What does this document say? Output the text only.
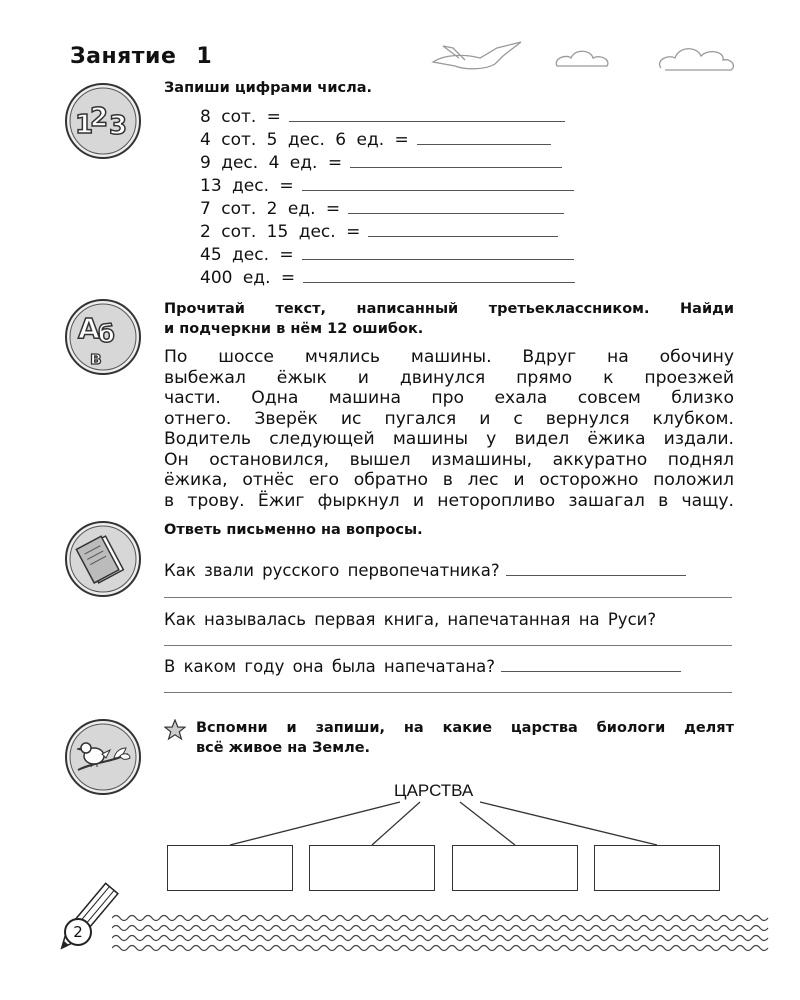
Занятие 1
1
2 3
Запиши цифрами числа.
8 сот. =
4 сот. 5 дес. 6 ед. =
9 дес. 4 ед. =
13 дес. =
7 сот. 2 ед. =
2 сот. 15 дес. =
45 дес. =
400 ед. =
А
б
в
Прочитай текст, написанный третьеклассником. Найди
и подчеркни в нём 12 ошибок.
По шоссе мчялись машины. Вдруг на обочину
выбежал ёжык и двинулся прямо к проезжей
части. Одна машина про ехала совсем близко
отнего. Зверёк ис пугался и с вернулся клубком.
Водитель следующей машины у видел ёжика издали.
Он остановился, вышел измашины, аккуратно поднял
ёжика, отнёс его обратно в лес и осторожно положил
в трову. Ёжиг фыркнул и неторопливо зашагал в чащу.
Ответь письменно на вопросы.
Как звали русского первопечатника?
Как называлась первая книга, напечатанная на Руси?
В каком году она была напечатана?
Вспомни и запиши, на какие царства биологи делят
всё живое на Земле.
ЦАРСТВА
2
